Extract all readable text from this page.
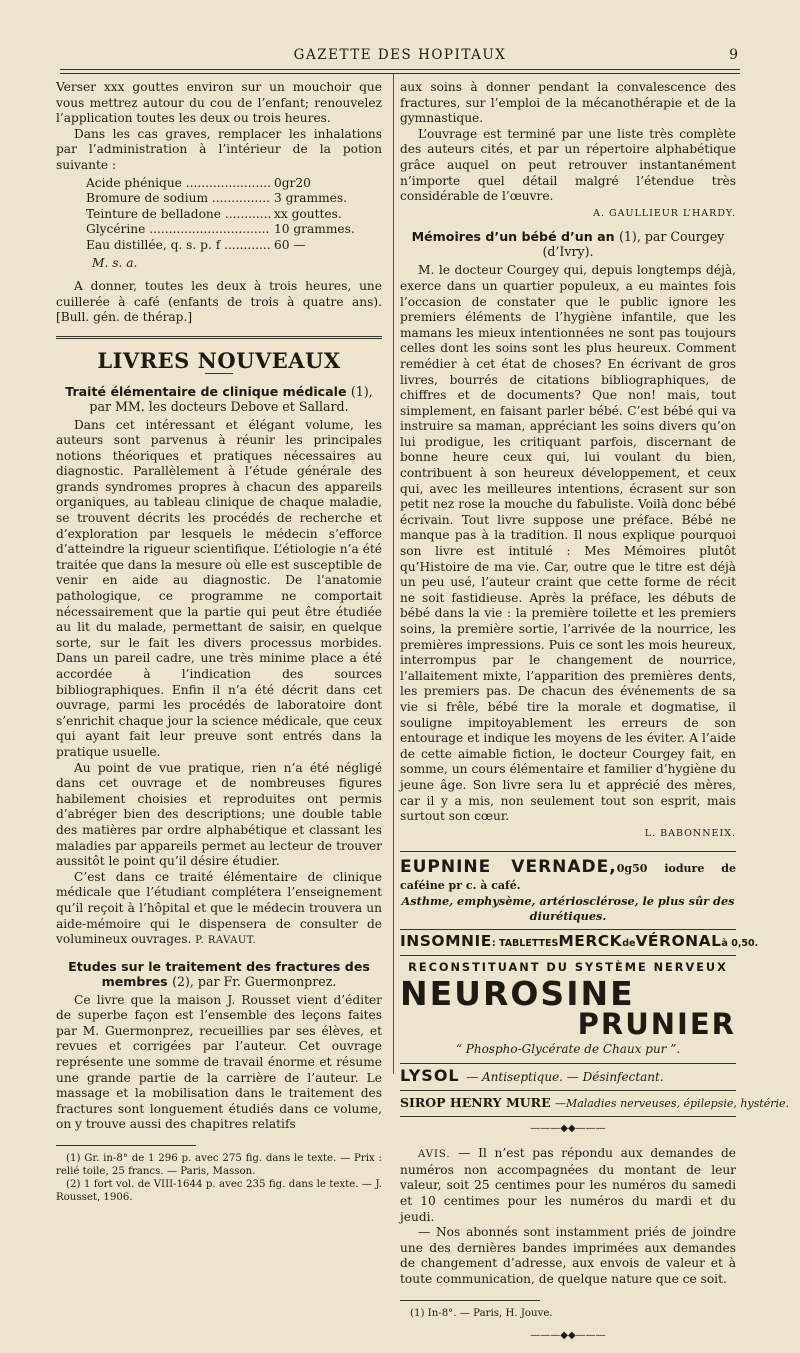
GAZETTE DES HOPITAUX	9

Verser xxx gouttes environ sur un mouchoir que vous mettrez autour du cou de l’enfant; renouvelez l’application toutes les deux ou trois heures.

Dans les cas graves, remplacer les inhalations par l’administration à l’intérieur de la potion suivante :

Acide phénique .....	0gr20
Bromure de sodium .....	3 grammes.
Teinture de belladone .....	xx gouttes.
Glycérine .....	10 grammes.
Eau distillée, q. s. p. f .....	60 —
M. s. a.

A donner, toutes les deux à trois heures, une cuillerée à café (enfants de trois à quatre ans). [Bull. gén. de thérap.]

LIVRES NOUVEAUX
Traité élémentaire de clinique médicale (1), par MM. les docteurs Debove et Sallard.

Dans cet intéressant et élégant volume, les auteurs sont parvenus à réunir les principales notions théoriques et pratiques nécessaires au diagnostic. Parallèlement à l’étude générale des grands syndromes propres à chacun des appareils organiques, au tableau clinique de chaque maladie, se trouvent décrits les procédés de recherche et d’exploration par lesquels le médecin s’efforce d’atteindre la rigueur scientifique. L’étiologie n’a été traitée que dans la mesure où elle est susceptible de venir en aide au diagnostic. De l’anatomie pathologique, ce programme ne comportait nécessairement que la partie qui peut être étudiée au lit du malade, permettant de saisir, en quelque sorte, sur le fait les divers processus morbides. Dans un pareil cadre, une très minime place a été accordée à l’indication des sources bibliographiques. Enfin il n’a été décrit dans cet ouvrage, parmi les procédés de laboratoire dont s’enrichit chaque jour la science médicale, que ceux qui ayant fait leur preuve sont entrés dans la pratique usuelle.

Au point de vue pratique, rien n’a été négligé dans cet ouvrage et de nombreuses figures habilement choisies et reproduites ont permis d’abréger bien des descriptions; une double table des matières par ordre alphabétique et classant les maladies par appareils permet au lecteur de trouver aussitôt le point qu’il désire étudier.

C’est dans ce traité élémentaire de clinique médicale que l’étudiant complétera l’enseignement qu’il reçoit à l’hôpital et que le médecin trouvera un aide-mémoire qui le dispensera de consulter de volumineux ouvrages. P. RAVAUT.

Etudes sur le traitement des fractures des membres (2), par Fr. Guermonprez.

Ce livre que la maison J. Rousset vient d’éditer de superbe façon est l’ensemble des leçons faites par M. Guermonprez, recueillies par ses élèves, et revues et corrigées par l’auteur. Cet ouvrage représente une somme de travail énorme et résume une grande partie de la carrière de l’auteur. Le massage et la mobilisation dans le traitement des fractures sont longuement étudiés dans ce volume, on y trouve aussi des chapitres relatifs

(1) Gr. in-8° de 1 296 p. avec 275 fig. dans le texte. — Prix : relié toile, 25 francs. — Paris, Masson.
(2) 1 fort vol. de VIII-1644 p. avec 235 fig. dans le texte. — J. Rousset, 1906.

aux soins à donner pendant la convalescence des fractures, sur l’emploi de la mécanothérapie et de la gymnastique.

L’ouvrage est terminé par une liste très complète des auteurs cités, et par un répertoire alphabétique grâce auquel on peut retrouver instantanément n’importe quel détail malgré l’étendue très considérable de l’œuvre.

A. GAULLIEUR L’HARDY.
Mémoires d’un bébé d’un an (1), par Courgey (d’Ivry).

M. le docteur Courgey qui, depuis longtemps déjà, exerce dans un quartier populeux, a eu maintes fois l’occasion de constater que le public ignore les premiers éléments de l’hygiène infantile, que les mamans les mieux intentionnées ne sont pas toujours celles dont les soins sont les plus heureux. Comment remédier à cet état de choses? En écrivant de gros livres, bourrés de citations bibliographiques, de chiffres et de documents? Que non! mais, tout simplement, en faisant parler bébé. C’est bébé qui va instruire sa maman, appréciant les soins divers qu’on lui prodigue, les critiquant parfois, discernant de bonne heure ceux qui, lui voulant du bien, contribuent à son heureux développement, et ceux qui, avec les meilleures intentions, écrasent sur son petit nez rose la mouche du fabuliste. Voilà donc bébé écrivain. Tout livre suppose une préface. Bébé ne manque pas à la tradition. Il nous explique pourquoi son livre est intitulé : Mes Mémoires plutôt qu’Histoire de ma vie. Car, outre que le titre est déjà un peu usé, l’auteur craint que cette forme de récit ne soit fastidieuse. Après la préface, les débuts de bébé dans la vie : la première toilette et les premiers soins, la première sortie, l’arrivée de la nourrice, les premières impressions. Puis ce sont les mois heureux, interrompus par le changement de nourrice, l’allaitement mixte, l’apparition des premières dents, les premiers pas. De chacun des événements de sa vie si frêle, bébé tire la morale et dogmatise, il souligne impitoyablement les erreurs de son entourage et indique les moyens de les éviter. A l’aide de cette aimable fiction, le docteur Courgey fait, en somme, un cours élémentaire et familier d’hygiène du jeune âge. Son livre sera lu et apprécié des mères, car il y a mis, non seulement tout son esprit, mais surtout son cœur.

L. BABONNEIX.
EUPNINE VERNADE,0g50 iodure de caféine pr c. à café.
Asthme, emphysème, artériosclérose, le plus sûr des diurétiques.
INSOMNIE: TABLETTESMERCKdeVÉRONALà 0,50.
RECONSTITUANT DU SYSTÈME NERVEUX
NEUROSINE
PRUNIER
“ Phospho-Glycérate de Chaux pur ”.
LYSOL — Antiseptique. — Désinfectant.
SIROP HENRY MURE —Maladies nerveuses, épilepsie, hystérie.
———◆◆———

AVIS. — Il n’est pas répondu aux demandes de numéros non accompagnées du montant de leur valeur, soit 25 centimes pour les numéros du samedi et 10 centimes pour les numéros du mardi et du jeudi.

— Nos abonnés sont instamment priés de joindre une des dernières bandes imprimées aux demandes de changement d’adresse, aux envois de valeur et à toute communication, de quelque nature que ce soit.

(1) In-8°. — Paris, H. Jouve.
———◆◆———
